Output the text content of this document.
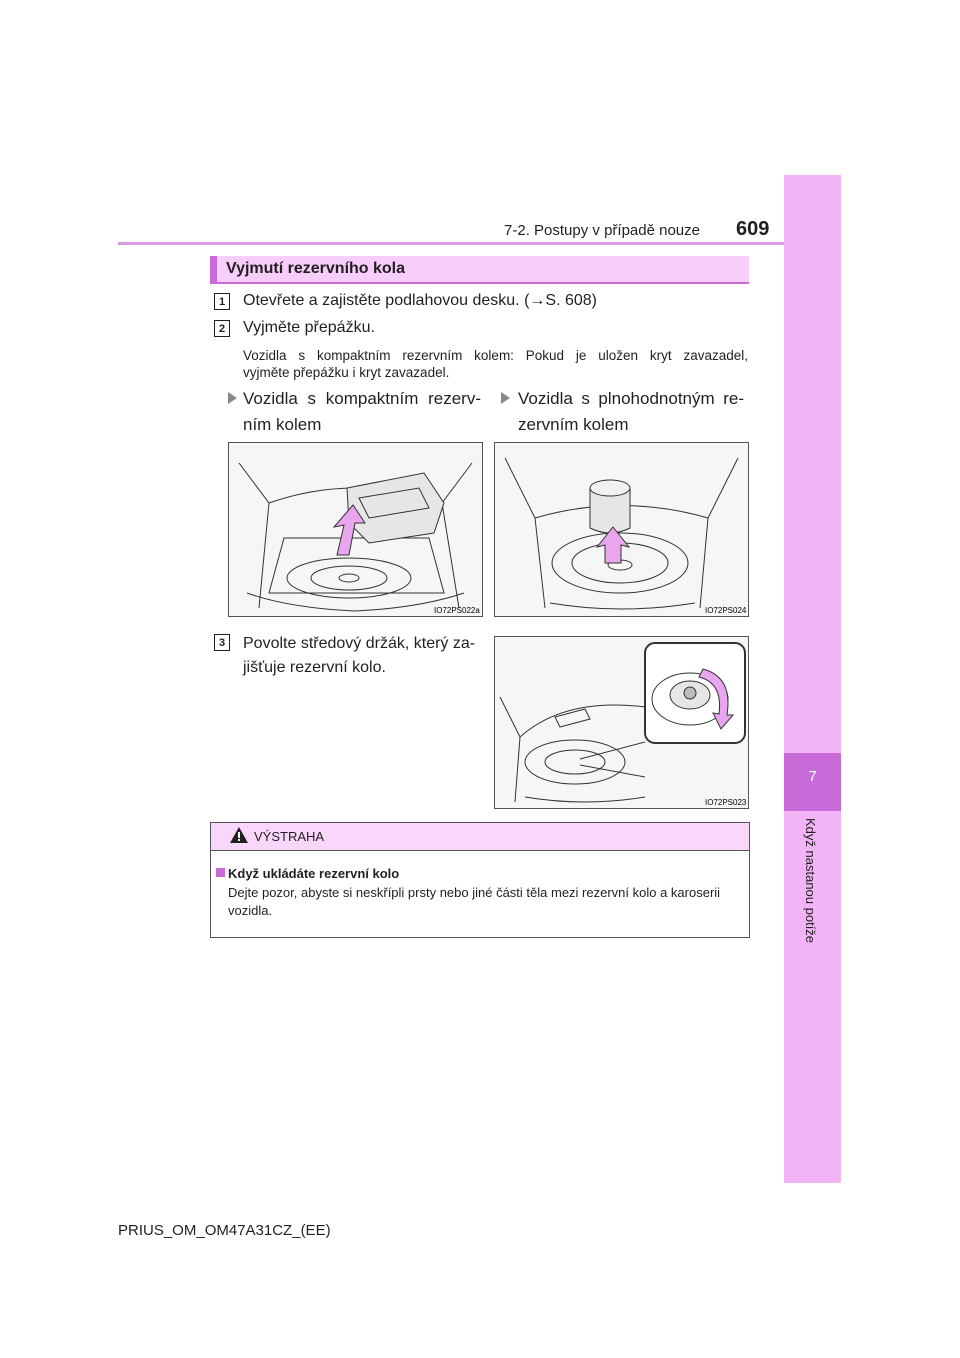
7
Když nastanou potíže
7-2. Postupy v případě nouze 609
Vyjmutí rezervního kola
1	Otevřete a zajistěte podlahovou desku. (→S. 608)
2	Vyjměte přepážku.
Vozidla s kompaktním rezervním kolem: Pokud je uložen kryt zavazadel,
vyjměte přepážku i kryt zavazadel.
Vozidla s kompaktním rezerv-
ním kolem
Vozidla s plnohodnotným re-
zervním kolem
IO72PS022a	IO72PS024
3	Povolte středový držák, který za-
jišťuje rezervní kolo.
IO72PS023
VÝSTRAHA
Když ukládáte rezervní kolo
Dejte pozor, abyste si neskřípli prsty nebo jiné části těla mezi rezervní kolo a karoserii vozidla.
PRIUS_OM_OM47A31CZ_(EE)
